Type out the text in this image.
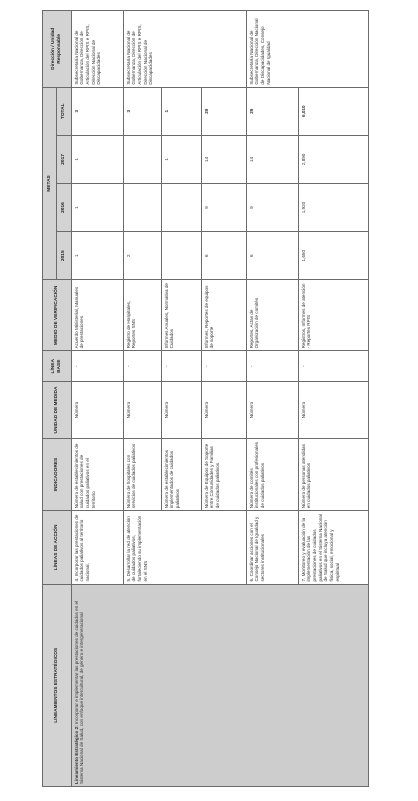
LINEAMIENTOS ESTRATÉGICOS	LÍNEAS DE ACCIÓN	INDICADORES	UNIDAD DE MEDIDA	LÍNEA BASE	MEDIO DE VERIFICACIÓN	METAS				Dirección / Unidad Responsable
						2015	2016	2017	TOTAL	
Lineamiento Estratégico 2: Incorporar e implementar las prestaciones de cuidados en el Sistema Nacional de Salud, con enfoque intercultural, de género e intergeneracional	4. Incorporar las prestaciones de cuidados paliativos al territorio nacional.	Número de establecimientos de salud con prestaciones de cuidados paliativos en el territorio	Número	-	Acuerdo Ministerial, Manuales de prestaciones	1	1	1	3	Subsecretaría Nacional de Gobernanza, Dirección de Articulación del RPIS e RPIS, Dirección Nacional de Discapacidades
	5. Desarrollar la red de atención de cuidados paliativos, fortaleciendo su implementación en el SNS	Número de hospitales con servicios de cuidados paliativos	Número	-	Registro de Hospitales, Reportes SNS	2			3	Subsecretaría Nacional de Gobernanza, Dirección de Articulación del RPIS e RPIS, Dirección Nacional de Discapacidades
		Número de establecimientos implementados de cuidados paliativos	Número	-	Informes Anuales, Normativa de Cuidados			1	1	
		Número de Equipos de Soporte entre Comunidades y Familias de cuidados paliativos	Número	-	Informes, Reportes de equipos de soporte	6	9	14	29	
	6. Coordinar acciones con el Consejo Nacional de Igualdad y sectores institucionales	Número de comités institucionales con profesionales de cuidados paliativos	Número	-	Reportes, Actas de Organización de comités	6	9	14	29	Subsecretaría Nacional de Gobernanza, Dirección Nacional de Discapacidades, Consejo Nacional de Igualdad
	7. Monitoreo y evaluación de la implementación de las prestaciones de cuidados paliativos en el Sistema Nacional de Salud que incluya atención física, social, emocional y espiritual	Número de personas atendidas en cuidados paliativos	Número	-	Registros, Informes de atención - Reportes RPIS	1,650	1,920	2,890	6,010	
